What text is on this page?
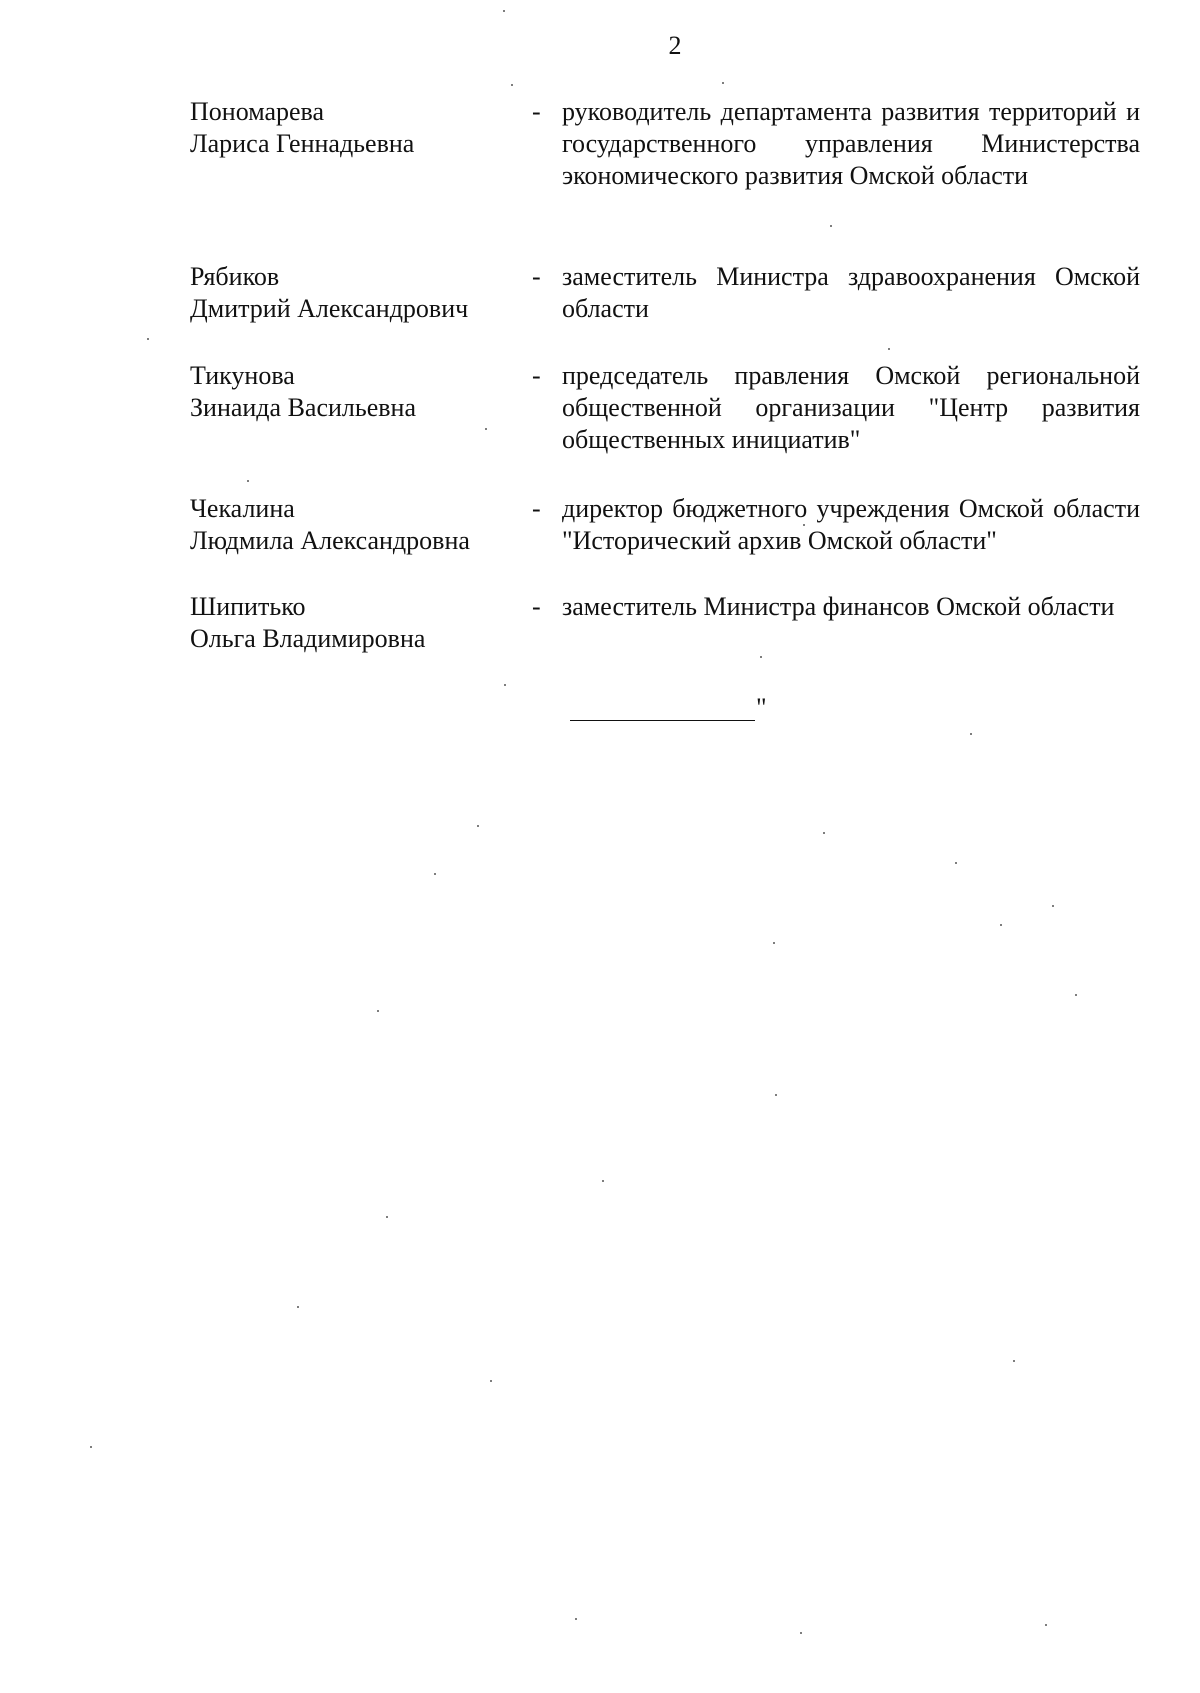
2
Пономарева
Лариса Геннадьевна
- руководитель департамента развития территорий и государственного управления Министерства экономического развития Омской области
Рябиков
Дмитрий Александрович
- заместитель Министра здравоохранения Омской области
Тикунова
Зинаида Васильевна
- председатель правления Омской региональной общественной организации "Центр развития общественных инициатив"
Чекалина
Людмила Александровна
- директор бюджетного учреждения Омской области "Исторический архив Омской области"
Шипитько
Ольга Владимировна
- заместитель Министра финансов Омской области
"
